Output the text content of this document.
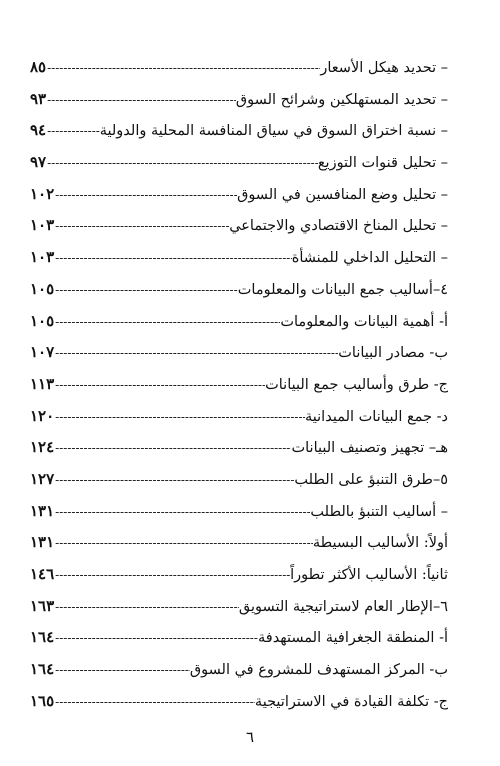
٨٥ -----	– تحديد هيكل الأسعار
٩٣ -----	– تحديد المستهلكين وشرائح السوق
٩٤ -----	– نسبة اختراق السوق في سياق المنافسة المحلية والدولية
٩٧ -----	– تحليل قنوات التوزيع
١٠٢ -----	– تحليل وضع المنافسين في السوق
١٠٣ -----	– تحليل المناخ الاقتصادي والاجتماعي
١٠٣ -----	– التحليل الداخلي للمنشأة
١٠٥ -----	٤–أساليب جمع البيانات والمعلومات
١٠٥ -----	أ- أهمية البيانات والمعلومات
١٠٧ -----	ب- مصادر البيانات
١١٣ -----	ج- طرق وأساليب جمع البيانات
١٢٠ -----	د- جمع البيانات الميدانية
١٢٤ -----	هـ– تجهيز وتصنيف البيانات
١٢٧ -----	٥–طرق التنبؤ على الطلب
١٣١ -----	– أساليب التنبؤ بالطلب
١٣١ -----	أولاً: الأساليب البسيطة
١٤٦ -----	ثانياً: الأساليب الأكثر تطوراً
١٦٣ -----	٦–الإطار العام لاستراتيجية التسويق
١٦٤ -----	أ- المنطقة الجغرافية المستهدفة
١٦٤ -----	ب- المركز المستهدف للمشروع في السوق
١٦٥ -----	ج- تكلفة القيادة في الاستراتيجية
٦
